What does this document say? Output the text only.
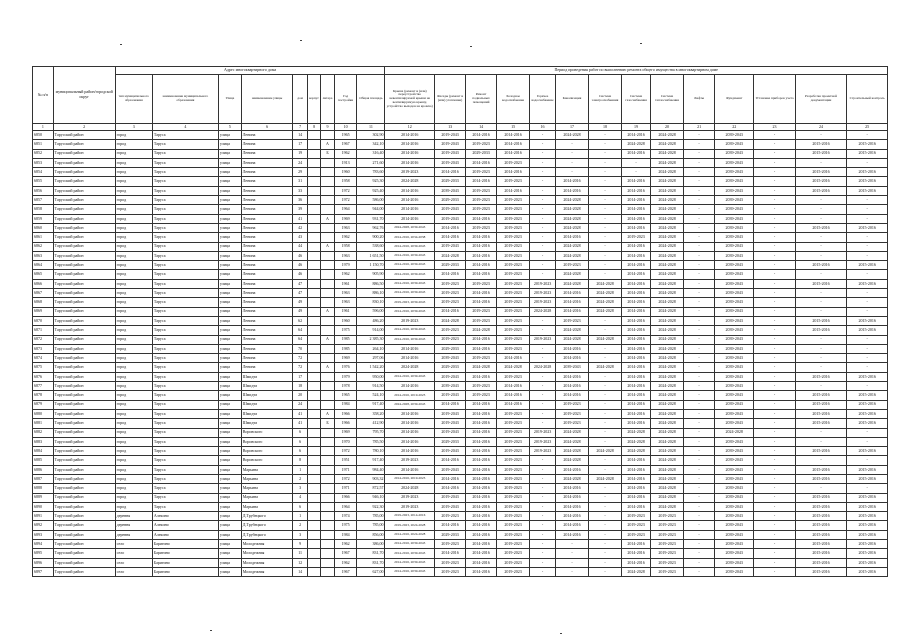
№ п/п	муниципальный район/городской округ	Адрес многоквартирного дома									Период проведения работ по выполнению ремонта общего имущества в многоквартирном доме													
		тип муниципального образования	наименование муниципального образования	Улица	наименование улицы	дом	корпус	литера	Год постройки	Общая площадь	Крыша (ремонт и (или) переустройство невентилируемой крыши на вентилируемую крышу, устройство выходов на кровлю)	Фасады (ремонт и (или) утепление)	Ремонт подвальных помещений	Холодное водоснабжение	Горячее водоснабжение	Канализация	Система электроснабжения	Система газоснабжения	Система теплоснабжения	Лифты	Фундамент	Установка приборов учета	Разработка проектной документации	Строительный контроль
1	2	3	4	5	6	7	8	9	10	11	12	13	14	15	16	17	18	19	20	21	22	23	24	25
6850	Тарусский район	город	Таруса	улица	Ленина	14			1965	302,90	2014-2016	2019-2043	2014-2016	2014-2016	-	2024-2028	-	2014-2016	2024-2028	-	2039-2043	-	-	-
6851	Тарусский район	город	Таруса	улица	Ленина	17		А	1967	342,10	2014-2016	2019-2043	2019-2023	2014-2016	-	-	-	2024-2028	2024-2028	-	2039-2043	-	2015-2016	2015-2016
6852	Тарусский район	город	Таруса	улица	Ленина	19		Б	1962	316,40	2014-2016	2019-2043	2029-2033	2014-2016	-	-	-	2014-2016	2024-2028	-	2039-2043	-	2015-2016	2015-2016
6853	Тарусский район	город	Таруса	улица	Ленина	24			1913	271,60	2014-2016	2019-2043	2014-2016	2019-2023	-	-	-	-	2024-2028	-	2039-2043	-	-	-
6854	Тарусский район	город	Таруса	улица	Ленина	29			1960	783,60	2019-2023	2014-2016	2019-2023	2014-2016	-	-	-	-	2024-2028	-	2039-2043	-	2015-2016	2015-2016
6855	Тарусский район	город	Таруса	улица	Ленина	31			1958	925,30	2024-2028	2029-2033	2014-2016	2019-2023	-	2014-2016	-	2014-2016	2024-2028	-	2039-2043	-	2015-2016	2015-2016
6856	Тарусский район	город	Таруса	улица	Ленина	33			1972	925,40	2014-2016	2039-2043	2019-2023	2014-2016	-	2014-2016	-	2014-2016	2024-2028	-	2039-2043	-	2015-2016	2015-2016
6857	Тарусский район	город	Таруса	улица	Ленина	36			1972	586,00	2014-2016	2029-2033	2019-2023	2019-2023	-	2024-2028	-	2014-2016	2024-2028	-	2039-2043	-	-	-
6858	Тарусский район	город	Таруса	улица	Ленина	39			1964	944,00	2014-2016	2019-2043	2019-2023	2019-2023	-	2024-2028	-	2014-2016	2024-2028	-	2039-2043	-	-	-
6859	Тарусский район	город	Таруса	улица	Ленина	41		А	1969	931,70	2014-2016	2019-2043	2014-2016	2019-2023	-	2024-2028	-	2014-2016	2024-2028	-	2039-2043	-	-	-
6860	Тарусский район	город	Таруса	улица	Ленина	42			1963	962,76	2024-2028, 2039-2043	2014-2016	2019-2023	2019-2023	-	2024-2028	-	2014-2016	2024-2028	-	2039-2043	-	2015-2016	2015-2016
6861	Тарусский район	город	Таруса	улица	Ленина	43			1962	900,20	2014-2016, 2034-2038	2014-2016	2014-2016	2019-2023	-	2014-2016	-	2019-2023	2024-2028	-	2039-2043	-	-	-
6862	Тарусский район	город	Таруса	улица	Ленина	44		А	1958	538,60	2014-2016, 2039-2043	2019-2043	2014-2016	2019-2023	-	2024-2028	-	2014-2016	2024-2028	-	2039-2043	-	-	-
6863	Тарусский район	город	Таруса	улица	Ленина	46			1963	1 651,50	2014-2016, 2039-2043	2024-2028	2014-2016	2019-2023	-	2024-2028	-	2014-2016	2024-2028	-	2039-2043	-	-	-
6864	Тарусский район	город	Таруса	улица	Ленина	46			1979	1 150,70	2014-2016, 2039-2043	2029-2033	2014-2016	2019-2023	-	2019-2023	-	2014-2016	2024-2028	-	2039-2043	-	2015-2016	2015-2016
6865	Тарусский район	город	Таруса	улица	Ленина	46			1962	905,90	2014-2016, 2039-2043	2014-2016	2014-2016	2019-2023	-	2024-2028	-	2014-2016	2024-2028	-	2039-2043	-	-	-
6866	Тарусский район	город	Таруса	улица	Ленина	47			1961	886,50	2014-2016, 2039-2043	2019-2023	2019-2023	2019-2023	2019-2023	2024-2028	2024-2028	2014-2016	2024-2028	-	2039-2043	-	2015-2016	2015-2016
6867	Тарусский район	город	Таруса	улица	Ленина	47			1963	886,10	2014-2016, 2039-2043	2019-2023	2014-2016	2019-2023	2019-2023	2014-2016	2024-2028	2014-2016	2024-2028	-	2039-2043	-	-	-
6868	Тарусский район	город	Таруса	улица	Ленина	49			1963	830,10	2019-2023, 2039-2043	2019-2023	2014-2016	2019-2023	2019-2023	2014-2016	2024-2028	2014-2016	2024-2028	-	2039-2043	-	-	-
6869	Тарусский район	город	Таруса	улица	Ленина	49		А	1961	596,00	2014-2016, 2039-2043	2014-2016	2019-2023	2019-2023	2024-2028	2014-2016	2024-2028	2014-2016	2024-2028	-	2039-2043	-	-	-
6870	Тарусский район	город	Таруса	улица	Ленина	62			1960	486,20	2019-2023	2024-2028	2019-2023	2019-2023	-	2019-2023	-	2014-2016	2024-2028	-	2039-2043	-	2015-2016	2015-2016
6871	Тарусский район	город	Таруса	улица	Ленина	64			1975	914,00	2014-2016, 2039-2043	2019-2023	2024-2028	2019-2023	-	2024-2028	-	2014-2016	2024-2028	-	2039-2043	-	2015-2016	2015-2016
6872	Тарусский район	город	Таруса	улица	Ленина	64		А	1985	2 385,30	2014-2016, 2039-2043	2019-2023	2014-2016	2019-2023	2019-2023	2024-2028	2024-2028	2014-2016	2024-2028	-	2039-2043	-	-	-
6873	Тарусский район	город	Таруса	улица	Ленина	70			1985	264,10	2014-2016	2029-2033	2014-2016	2019-2023	-	2014-2016	-	2014-2016	2024-2028	-	2039-2043	-	-	-
6874	Тарусский район	город	Таруса	улица	Ленина	72			1969	297,06	2014-2016	2039-2043	2019-2023	2014-2016	-	2014-2016	-	2014-2016	2024-2028	-	2039-2043	-	-	-
6875	Тарусский район	город	Таруса	улица	Ленина	72		А	1976	1 542,20	2024-2028	2029-2033	2024-2028	2024-2028	2024-2028	2039-2043	2024-2028	2014-2016	2024-2028	-	2039-2043	-	-	-
6876	Тарусский район	город	Таруса	улица	Шмидта	17			1979	950,00	2014-2016, 2039-2043	2019-2043	2014-2016	2019-2023	-	2014-2016	-	2014-2016	2024-2028	-	2039-2043	-	2015-2016	2015-2016
6877	Тарусский район	город	Таруса	улица	Шмидта	18			1978	914,50	2014-2016	2039-2043	2019-2023	2014-2016	-	2014-2016	-	2014-2016	2024-2028	-	2039-2043	-	-	-
6878	Тарусский район	город	Таруса	улица	Шмидта	20			1965	524,10	2014-2016, 2019-2023	2019-2043	2019-2023	2014-2016	-	2014-2016	-	2014-2016	2024-2028	-	2039-2043	-	2015-2016	2015-2016
6879	Тарусский район	город	Таруса	улица	Шмидта	24			1984	917,40	2024-2028, 2039-2043	2014-2016	2014-2016	2014-2016	-	2019-2023	-	2014-2016	2024-2028	-	2039-2043	-	2015-2016	2015-2016
6880	Тарусский район	город	Таруса	улица	Шмидта	41		А	1966	358,20	2014-2016	2019-2043	2014-2016	2019-2023	-	2019-2023	-	2014-2016	2024-2028	-	2039-2043	-	2015-2016	2015-2016
6881	Тарусский район	город	Таруса	улица	Шмидта	41		Б	1966	412,90	2014-2016	2019-2043	2014-2016	2019-2023	-	2019-2023	-	2014-2016	2024-2028	-	2039-2043	-	2015-2016	2015-2016
6882	Тарусский район	город	Таруса	улица	Воровского	6			1969	795,70	2014-2016	2019-2043	2014-2016	2019-2023	2019-2023	2024-2028	-	2024-2028	2024-2028	-	2024-2028	-	-	-
6883	Тарусский район	город	Таруса	улица	Воровского	6			1970	785,50	2014-2016	2029-2033	2014-2016	2019-2023	2019-2023	2024-2028	-	2024-2028	2024-2028	-	2039-2043	-	-	-
6884	Тарусский район	город	Таруса	улица	Воровского	6			1972	780,10	2014-2016	2019-2043	2014-2016	2019-2023	2019-2023	2024-2028	2024-2028	2024-2028	2024-2028	-	2039-2043	-	2015-2016	2015-2016
6885	Тарусский район	город	Таруса	улица	Воровского	8			1951	917,40	2019-2023	2014-2016	2014-2016	2019-2023	-	2024-2028	-	2014-2016	2024-2028	-	2039-2043	-	-	-
6886	Тарусский район	город	Таруса	улица	Марьина	1			1971	984,40	2014-2016	2019-2043	2014-2016	2019-2023	-	2014-2016	-	2014-2016	2024-2028	-	2039-2043	-	2015-2016	2015-2016
6887	Тарусский район	город	Таруса	улица	Марьина	2			1972	903,32	2014-2016, 2019-2023	2014-2016	2014-2016	2019-2023	-	2024-2028	2024-2028	2014-2016	2024-2028	-	2039-2043	-	2015-2016	2015-2016
6888	Тарусский район	город	Таруса	улица	Марьина	3			1971	872,57	2024-2028	2014-2016	2014-2016	2019-2023	-	2014-2016	-	2014-2016	2024-2028	-	2039-2043	-	-	-
6889	Тарусский район	город	Таруса	улица	Марьина	4			1966	946,10	2019-2023	2019-2043	2014-2016	2019-2023	-	2014-2016	-	2014-2016	2024-2028	-	2039-2043	-	2015-2016	2015-2016
6890	Тарусский район	город	Таруса	улица	Марьина	6			1964	922,30	2019-2023	2019-2043	2014-2016	2019-2023	-	2014-2016	-	2014-2016	2024-2028	-	2039-2043	-	2015-2016	2015-2016
6891	Тарусский район	деревня	Алекино	улица	Д.Трубецкого	1			1974	785,00	2019-2023, 2014-2016	2019-2023	2014-2016	2019-2023	-	2014-2016	-	2019-2023	2019-2023	-	2039-2043	-	2015-2016	2015-2016
6892	Тарусский район	деревня	Алекино	улица	Д.Трубецкого	2			1975	785,00	2019-2023, 2024-2028	2014-2016	2014-2016	2019-2023	-	2014-2016	-	2019-2023	2019-2023	-	2039-2043	-	2015-2016	2015-2016
6893	Тарусский район	деревня	Алекино	улица	Д.Трубецкого	3			1984	856,00	2014-2016, 2024-2028	2029-2033	2014-2016	2019-2023	-	2014-2016	-	2019-2023	2019-2023	-	2039-2043	-	2015-2016	2015-2016
6894	Тарусский район	село	Барятино	улица	Молодежная	9			1962	386,00	2014-2016, 2039-2043	2019-2023	2014-2016	2019-2023	-	-	-	2014-2016	2019-2023	-	2039-2043	-	2015-2016	2015-2016
6895	Тарусский район	село	Барятино	улица	Молодежная	11			1967	831,70	2014-2016, 2039-2043	2014-2016	2014-2016	2019-2023	-	-	-	2014-2016	2019-2023	-	2039-2043	-	2015-2016	2015-2016
6896	Тарусский район	село	Барятино	улица	Молодежная	12			1962	831,70	2014-2016, 2039-2043	2019-2023	2014-2016	2019-2023	-	-	-	2014-2016	2019-2023	-	2039-2043	-	2015-2016	2015-2016
6897	Тарусский район	село	Барятино	улица	Молодежная	14			1967	627,00	2014-2016, 2039-2043	2019-2023	2014-2016	2019-2023	-	-	-	2024-2028	2019-2023	-	2039-2043	-	2015-2016	2015-2016
